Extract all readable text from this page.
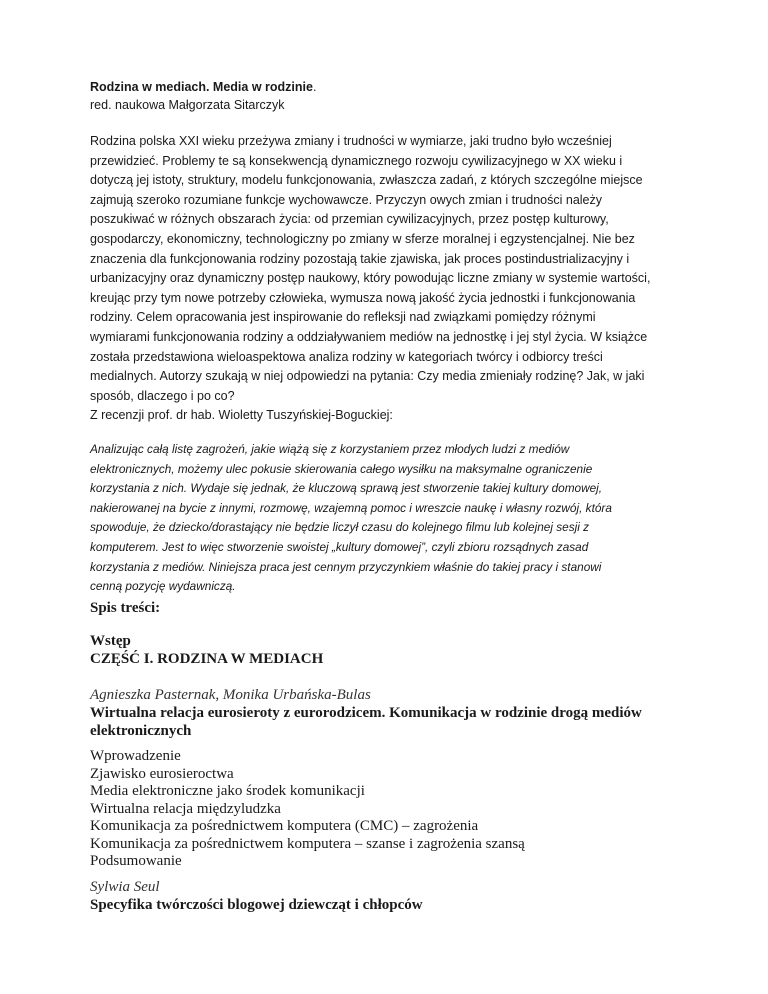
Rodzina w mediach. Media w rodzinie.
red. naukowa Małgorzata Sitarczyk
Rodzina polska XXI wieku przeżywa zmiany i trudności w wymiarze, jaki trudno było wcześniej
przewidzieć. Problemy te są konsekwencją dynamicznego rozwoju cywilizacyjnego w XX wieku i
dotyczą jej istoty, struktury, modelu funkcjonowania, zwłaszcza zadań, z których szczególne miejsce
zajmują szeroko rozumiane funkcje wychowawcze. Przyczyn owych zmian i trudności należy
poszukiwać w różnych obszarach życia: od przemian cywilizacyjnych, przez postęp kulturowy,
gospodarczy, ekonomiczny, technologiczny po zmiany w sferze moralnej i egzystencjalnej. Nie bez
znaczenia dla funkcjonowania rodziny pozostają takie zjawiska, jak proces postindustrializacyjny i
urbanizacyjny oraz dynamiczny postęp naukowy, który powodując liczne zmiany w systemie wartości,
kreując przy tym nowe potrzeby człowieka, wymusza nową jakość życia jednostki i funkcjonowania
rodziny. Celem opracowania jest inspirowanie do refleksji nad związkami pomiędzy różnymi
wymiarami funkcjonowania rodziny a oddziaływaniem mediów na jednostkę i jej styl życia. W książce
została przedstawiona wieloaspektowa analiza rodziny w kategoriach twórcy i odbiorcy treści
medialnych. Autorzy szukają w niej odpowiedzi na pytania: Czy media zmieniały rodzinę? Jak, w jaki
sposób, dlaczego i po co?
Z recenzji prof. dr hab. Wioletty Tuszyńskiej-Boguckiej:
Analizując całą listę zagrożeń, jakie wiążą się z korzystaniem przez młodych ludzi z mediów
elektronicznych, możemy ulec pokusie skierowania całego wysiłku na maksymalne ograniczenie
korzystania z nich. Wydaje się jednak, że kluczową sprawą jest stworzenie takiej kultury domowej,
nakierowanej na bycie z innymi, rozmowę, wzajemną pomoc i wreszcie naukę i własny rozwój, która
spowoduje, że dziecko/dorastający nie będzie liczył czasu do kolejnego filmu lub kolejnej sesji z
komputerem. Jest to więc stworzenie swoistej „kultury domowej”, czyli zbioru rozsądnych zasad
korzystania z mediów. Niniejsza praca jest cennym przyczynkiem właśnie do takiej pracy i stanowi
cenną pozycję wydawniczą.
Spis treści:
Wstęp
CZĘŚĆ I. RODZINA W MEDIACH
Agnieszka Pasternak, Monika Urbańska-Bulas
Wirtualna relacja eurosieroty z eurorodzicem. Komunikacja w rodzinie drogą mediów elektronicznych
Wprowadzenie
Zjawisko eurosieroctwa
Media elektroniczne jako środek komunikacji
Wirtualna relacja międzyludzka
Komunikacja za pośrednictwem komputera (CMC) – zagrożenia
Komunikacja za pośrednictwem komputera – szanse i zagrożenia szansą
Podsumowanie
Sylwia Seul
Specyfika twórczości blogowej dziewcząt i chłopców
